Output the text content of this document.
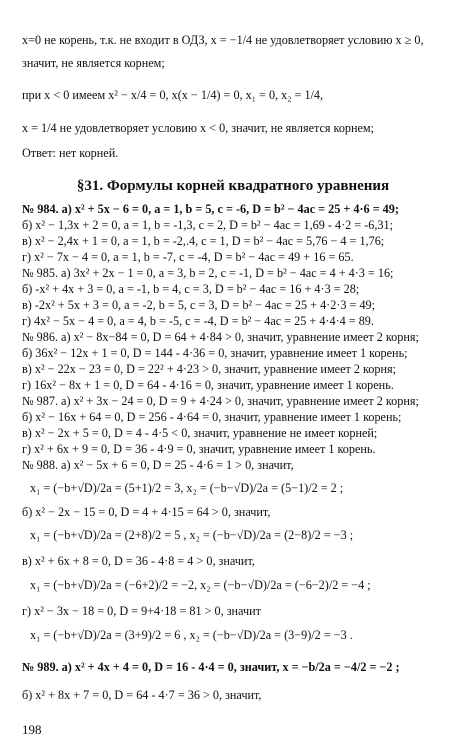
x=0 не корень, т.к. не входит в ОДЗ, x = −1/4 не удовлетворяет условию x ≥ 0,
значит, не является корнем;
при x < 0 имеем x² − x/4 = 0, x(x − 1/4) = 0, x₁ = 0, x₂ = 1/4,
x = 1/4 не удовлетворяет условию x < 0, значит, не является корнем;
Ответ: нет корней.
§31. Формулы корней квадратного уравнения
№ 984. а) x² + 5x − 6 = 0, a = 1, b = 5, c = -6, D = b² − 4ac = 25 + 4·6 = 49;
б) x² − 1,3x + 2 = 0, a = 1, b = -1,3, c = 2, D = b² − 4ac = 1,69 - 4·2 = -6,31;
в) x² − 2,4x + 1 = 0, a = 1, b = -2,.4, c = 1, D = b² − 4ac = 5,76 − 4 = 1,76;
г) x² − 7x − 4 = 0, a = 1, b = -7, c = -4, D = b² − 4ac = 49 + 16 = 65.
№ 985. а) 3x² + 2x − 1 = 0, a = 3, b = 2, c = -1, D = b² − 4ac = 4 + 4·3 = 16;
б) -x² + 4x + 3 = 0, a = -1, b = 4, c = 3, D = b² − 4ac = 16 + 4·3 = 28;
в) -2x² + 5x + 3 = 0, a = -2, b = 5, c = 3, D = b² − 4ac = 25 + 4·2·3 = 49;
г) 4x² − 5x − 4 = 0, a = 4, b = -5, c = -4, D = b² − 4ac = 25 + 4·4·4 = 89.
№ 986. а) x² − 8x−84 = 0, D = 64 + 4·84 > 0, значит, уравнение имеет 2 корня;
б) 36x² − 12x + 1 = 0, D = 144 - 4·36 = 0, значит, уравнение имеет 1 корень;
в) x² − 22x − 23 = 0, D = 22² + 4·23 > 0, значит, уравнение имеет 2 корня;
г) 16x² − 8x + 1 = 0, D = 64 - 4·16 = 0, значит, уравнение имеет 1 корень.
№ 987. а) x² + 3x − 24 = 0, D = 9 + 4·24 > 0, значит, уравнение имеет 2 корня;
б) x² − 16x + 64 = 0, D = 256 - 4·64 = 0, значит, уравнение имеет 1 корень;
в) x² − 2x + 5 = 0, D = 4 - 4·5 < 0, значит, уравнение не имеет корней;
г) x² + 6x + 9 = 0, D = 36 - 4·9 = 0, значит, уравнение имеет 1 корень.
№ 988. а) x² − 5x + 6 = 0, D = 25 - 4·6 = 1 > 0, значит,
x₁ = (−b+√D)/2a = (5+1)/2 = 3, x₂ = (−b−√D)/2a = (5−1)/2 = 2 ;
б) x² − 2x − 15 = 0, D = 4 + 4·15 = 64 > 0, значит,
x₁ = (−b+√D)/2a = (2+8)/2 = 5 , x₂ = (−b−√D)/2a = (2−8)/2 = −3 ;
в) x² + 6x + 8 = 0, D = 36 - 4·8 = 4 > 0, значит,
x₁ = (−b+√D)/2a = (−6+2)/2 = −2, x₂ = (−b−√D)/2a = (−6−2)/2 = −4 ;
г) x² − 3x − 18 = 0, D = 9+4·18 = 81 > 0, значит
x₁ = (−b+√D)/2a = (3+9)/2 = 6 , x₂ = (−b−√D)/2a = (3−9)/2 = −3 .
№ 989. а) x² + 4x + 4 = 0, D = 16 - 4·4 = 0, значит, x = −b/2a = −4/2 = −2 ;
б) x² + 8x + 7 = 0, D = 64 - 4·7 = 36 > 0, значит,
198
